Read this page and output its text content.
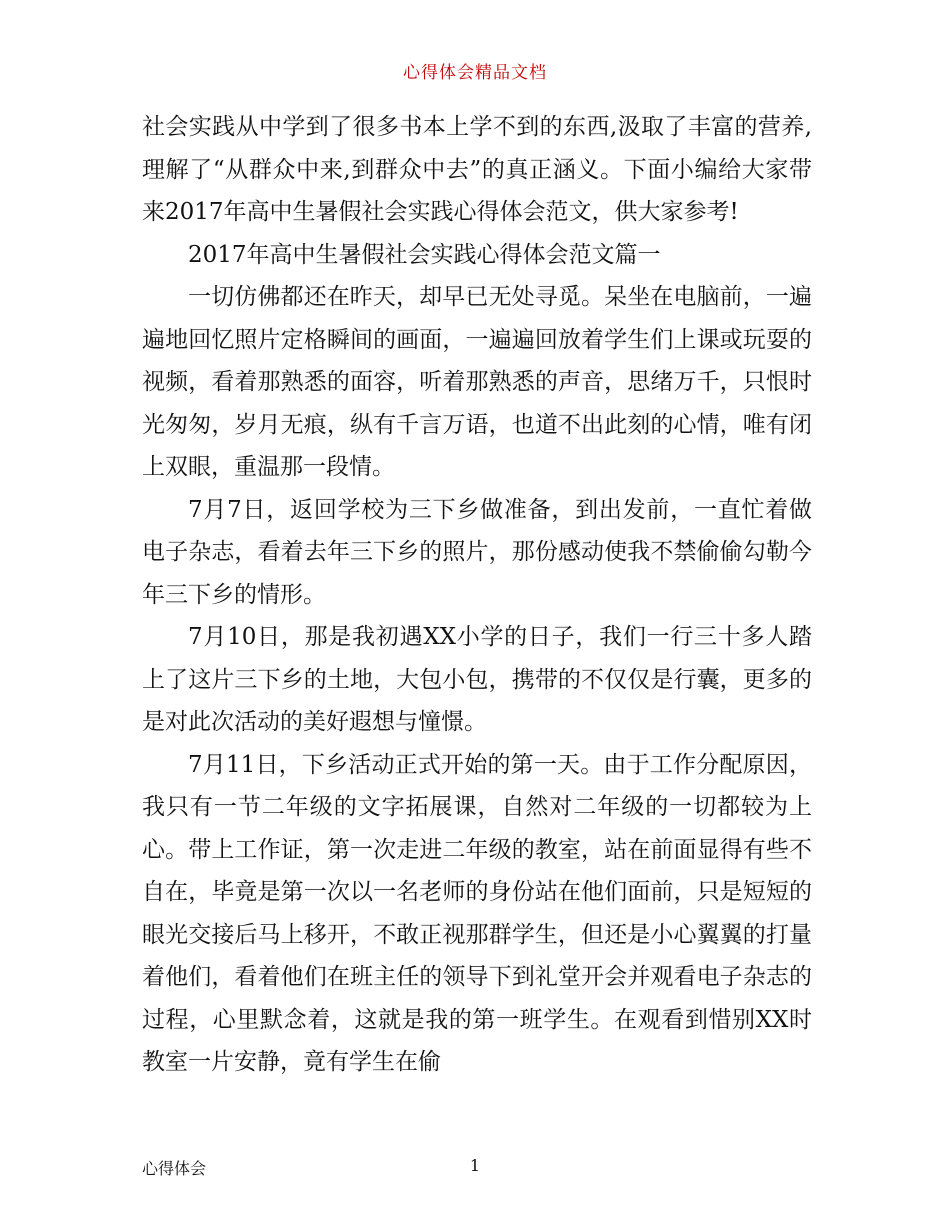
心得体会精品文档

社会实践从中学到了很多书本上学不到的东西,汲取了丰富的营养,理解了“从群众中来,到群众中去”的真正涵义。下面小编给大家带来2017年高中生暑假社会实践心得体会范文，供大家参考!

2017年高中生暑假社会实践心得体会范文篇一

一切仿佛都还在昨天，却早已无处寻觅。呆坐在电脑前，一遍遍地回忆照片定格瞬间的画面，一遍遍回放着学生们上课或玩耍的视频，看着那熟悉的面容，听着那熟悉的声音，思绪万千，只恨时光匆匆，岁月无痕，纵有千言万语，也道不出此刻的心情，唯有闭上双眼，重温那一段情。

7月7日，返回学校为三下乡做准备，到出发前，一直忙着做电子杂志，看着去年三下乡的照片，那份感动使我不禁偷偷勾勒今年三下乡的情形。

7月10日，那是我初遇XX小学的日子，我们一行三十多人踏上了这片三下乡的土地，大包小包，携带的不仅仅是行囊，更多的是对此次活动的美好遐想与憧憬。

7月11日，下乡活动正式开始的第一天。由于工作分配原因，我只有一节二年级的文字拓展课，自然对二年级的一切都较为上心。带上工作证，第一次走进二年级的教室，站在前面显得有些不自在，毕竟是第一次以一名老师的身份站在他们面前，只是短短的眼光交接后马上移开，不敢正视那群学生，但还是小心翼翼的打量着他们，看着他们在班主任的领导下到礼堂开会并观看电子杂志的过程，心里默念着，这就是我的第一班学生。在观看到惜别XX时教室一片安静，竟有学生在偷

心得体会	1
